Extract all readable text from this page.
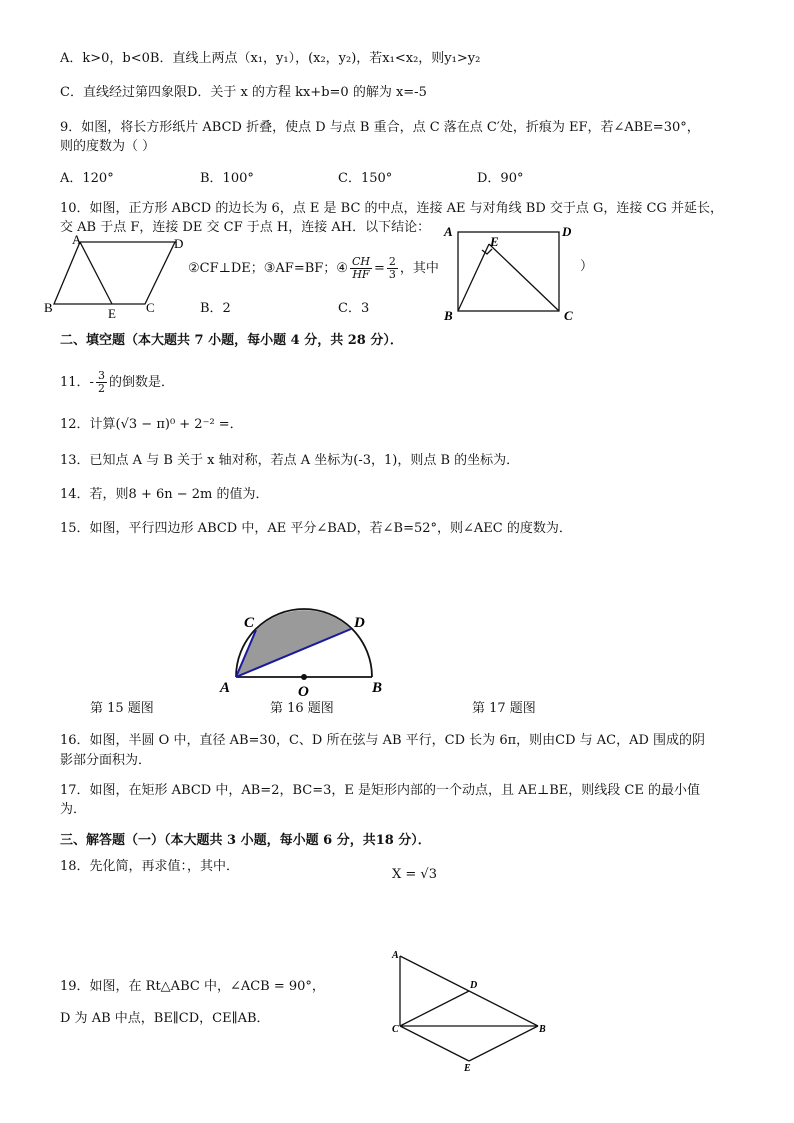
A．k>0，b<0B．直线上两点（x₁，y₁），(x₂，y₂)，若x₁<x₂，则y₁>y₂
C．直线经过第四象限D．关于 x 的方程 kx+b=0 的解为 x=-5
9．如图，将长方形纸片 ABCD 折叠，使点 D 与点 B 重合，点 C 落在点 C′处，折痕为 EF，若∠ABE=30°，
则的度数为（ ）
A．120°	B．100°	C．150°	D．90°
10．如图，正方形 ABCD 的边长为 6，点 E 是 BC 的中点，连接 AE 与对角线 BD 交于点 G，连接 CG 并延长，
交 AB 于点 F，连接 DE 交 CF 于点 H，连接 AH．以下结论：
②CF⊥DE；③AF=BF；④ $\frac{CH}{HF} = \frac{2}{3}$ ，其中	）
B．2	C．3
A	D
B	E C
A
E
D
B	C
二、填空题（本大题共 7 小题，每小题 4 分，共 28 分）．
11．- $\frac{3}{2}$ 的倒数是．
12．计算(√3 − π)⁰ + 2⁻² =．
13．已知点 A 与 B 关于 x 轴对称，若点 A 坐标为(-3，1)，则点 B 的坐标为．
14．若，则8 + 6n − 2m 的值为．
15．如图，平行四边形 ABCD 中，AE 平分∠BAD，若∠B=52°，则∠AEC 的度数为．
C	D
A	O	B
第 15 题图	第 16 题图	第 17 题图
16．如图，半圆 O 中，直径 AB=30，C、D 所在弦与 AB 平行，CD 长为 6π，则由CD 与 AC，AD 围成的阴
影部分面积为．
17．如图，在矩形 ABCD 中，AB=2，BC=3，E 是矩形内部的一个动点，且 AE⊥BE，则线段 CE 的最小值
为．
三、解答题（一）（本大题共 3 小题，每小题 6 分，共18 分）．
18．先化简，再求值：，其中．
X = √3
A
D
C	B
E
19．如图，在 Rt△ABC 中，∠ACB = 90°，
D 为 AB 中点，BE∥CD，CE∥AB．
